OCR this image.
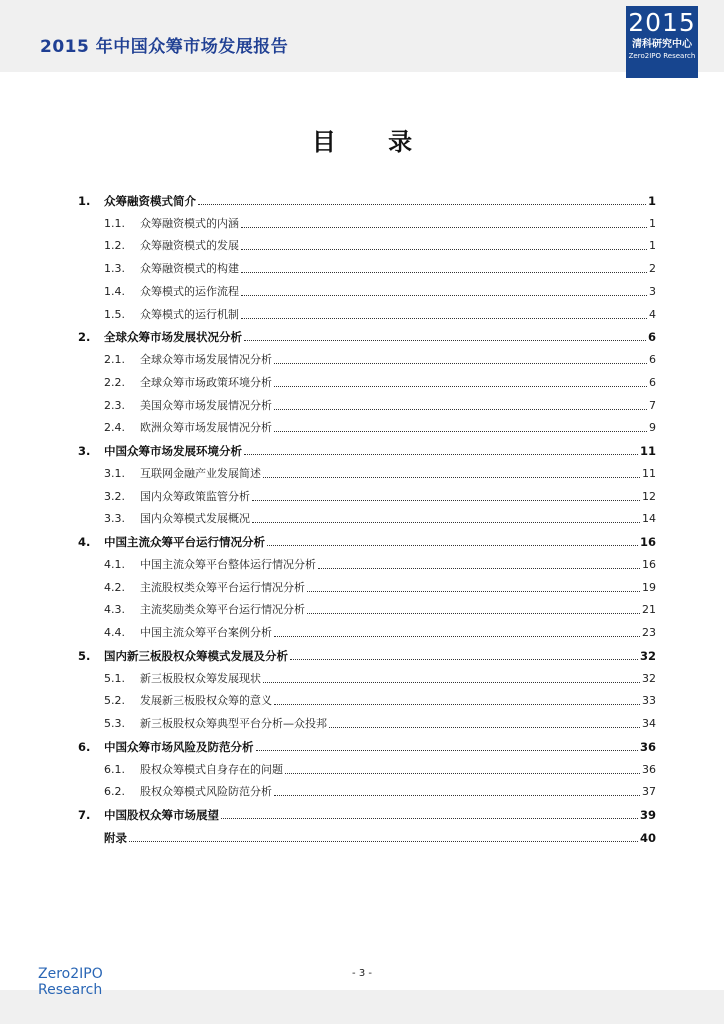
2015 年中国众筹市场发展报告
2015
清科研究中心
Zero2IPO Research
目 录
1.	众筹融资模式简介	1
1.1.	众筹融资模式的内涵	1
1.2.	众筹融资模式的发展	1
1.3.	众筹融资模式的构建	2
1.4.	众筹模式的运作流程	3
1.5.	众筹模式的运行机制	4
2.	全球众筹市场发展状况分析	6
2.1.	全球众筹市场发展情况分析	6
2.2.	全球众筹市场政策环境分析	6
2.3.	美国众筹市场发展情况分析	7
2.4.	欧洲众筹市场发展情况分析	9
3.	中国众筹市场发展环境分析	11
3.1.	互联网金融产业发展简述	11
3.2.	国内众筹政策监管分析	12
3.3.	国内众筹模式发展概况	14
4.	中国主流众筹平台运行情况分析	16
4.1.	中国主流众筹平台整体运行情况分析	16
4.2.	主流股权类众筹平台运行情况分析	19
4.3.	主流奖励类众筹平台运行情况分析	21
4.4.	中国主流众筹平台案例分析	23
5.	国内新三板股权众筹模式发展及分析	32
5.1.	新三板股权众筹发展现状	32
5.2.	发展新三板股权众筹的意义	33
5.3.	新三板股权众筹典型平台分析—众投邦	34
6.	中国众筹市场风险及防范分析	36
6.1.	股权众筹模式自身存在的问题	36
6.2.	股权众筹模式风险防范分析	37
7.	中国股权众筹市场展望	39
附录	40
Zero2IPO
Research
- 3 -
